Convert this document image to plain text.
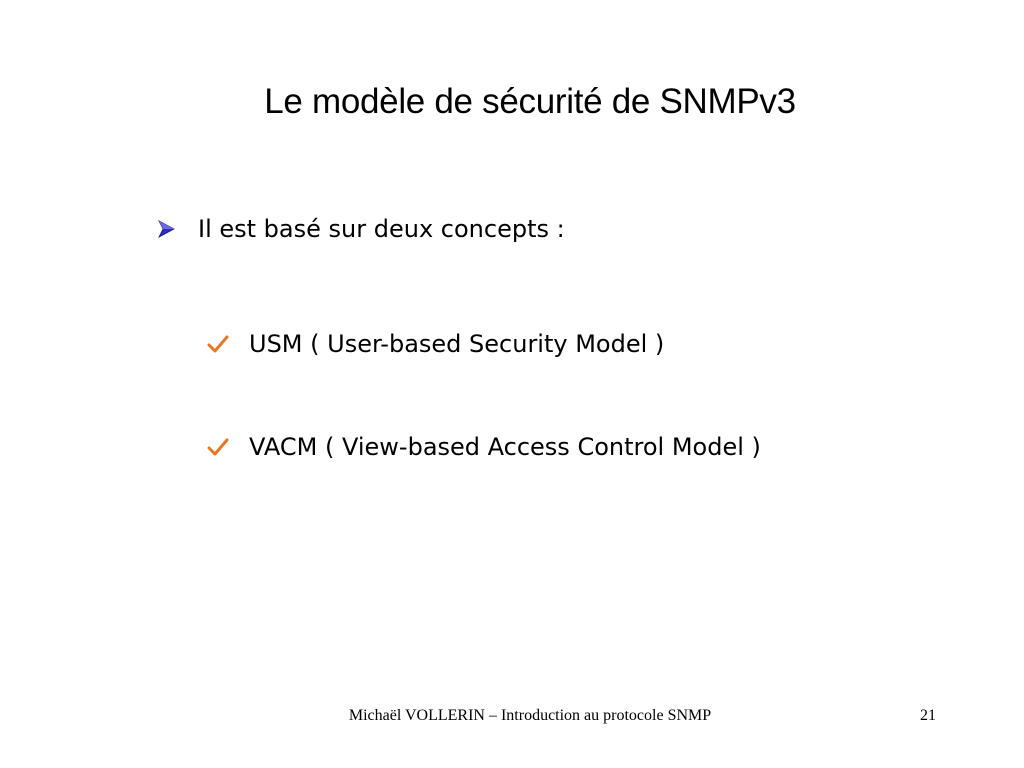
Le modèle de sécurité de SNMPv3
Il est basé sur deux concepts :
USM ( User-based Security Model )
VACM ( View-based Access Control Model )
Michaël VOLLERIN – Introduction au protocole SNMP	21
